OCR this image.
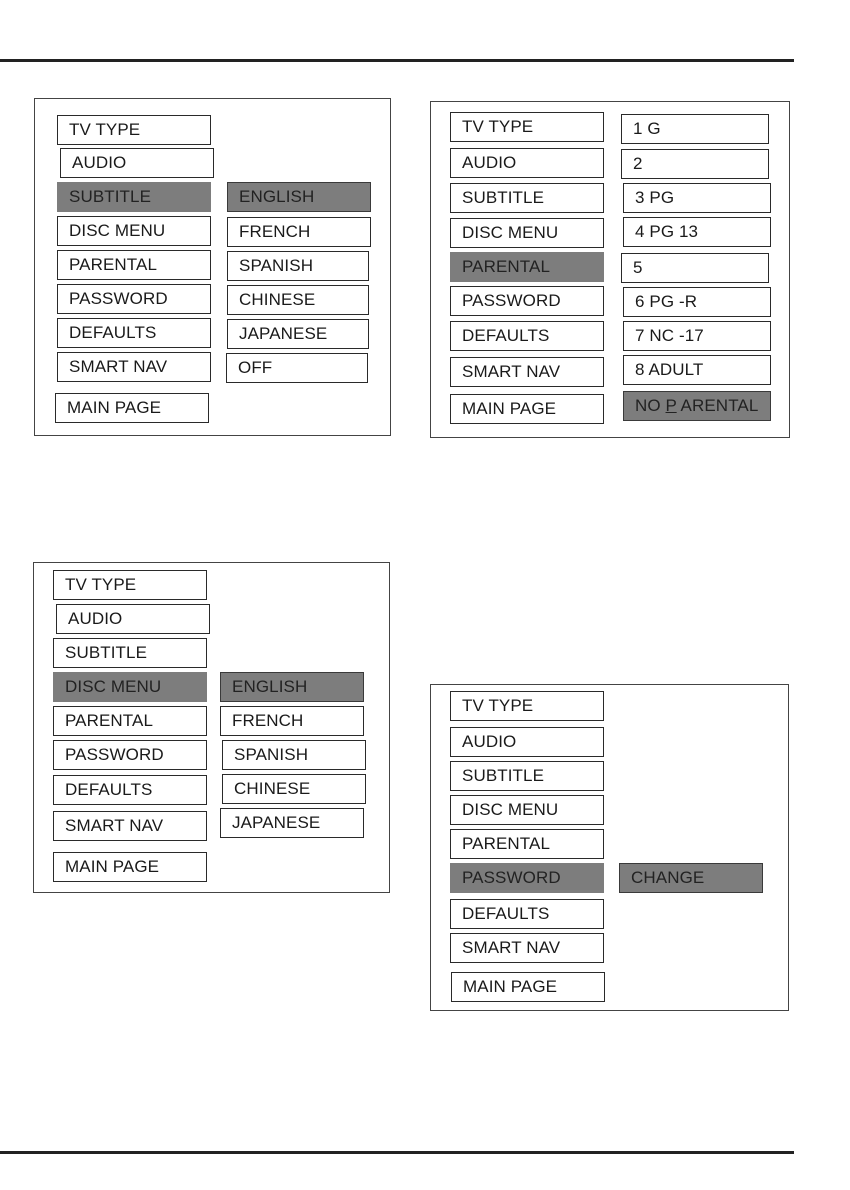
TV TYPE
AUDIO
SUBTITLE
DISC MENU
PARENTAL
PASSWORD
DEFAULTS
SMART NAV
MAIN PAGE
ENGLISH
FRENCH
SPANISH
CHINESE
JAPANESE
OFF
TV TYPE
AUDIO
SUBTITLE
DISC MENU
PARENTAL
PASSWORD
DEFAULTS
SMART NAV
MAIN PAGE
1 G
2
3 PG
4 PG 13
5
6 PG -R
7 NC -17
8 ADULT
NO P ARENTAL
TV TYPE
AUDIO
SUBTITLE
DISC MENU
PARENTAL
PASSWORD
DEFAULTS
SMART NAV
MAIN PAGE
ENGLISH
FRENCH
SPANISH
CHINESE
JAPANESE
TV TYPE
AUDIO
SUBTITLE
DISC MENU
PARENTAL
PASSWORD
DEFAULTS
SMART NAV
MAIN PAGE
CHANGE
